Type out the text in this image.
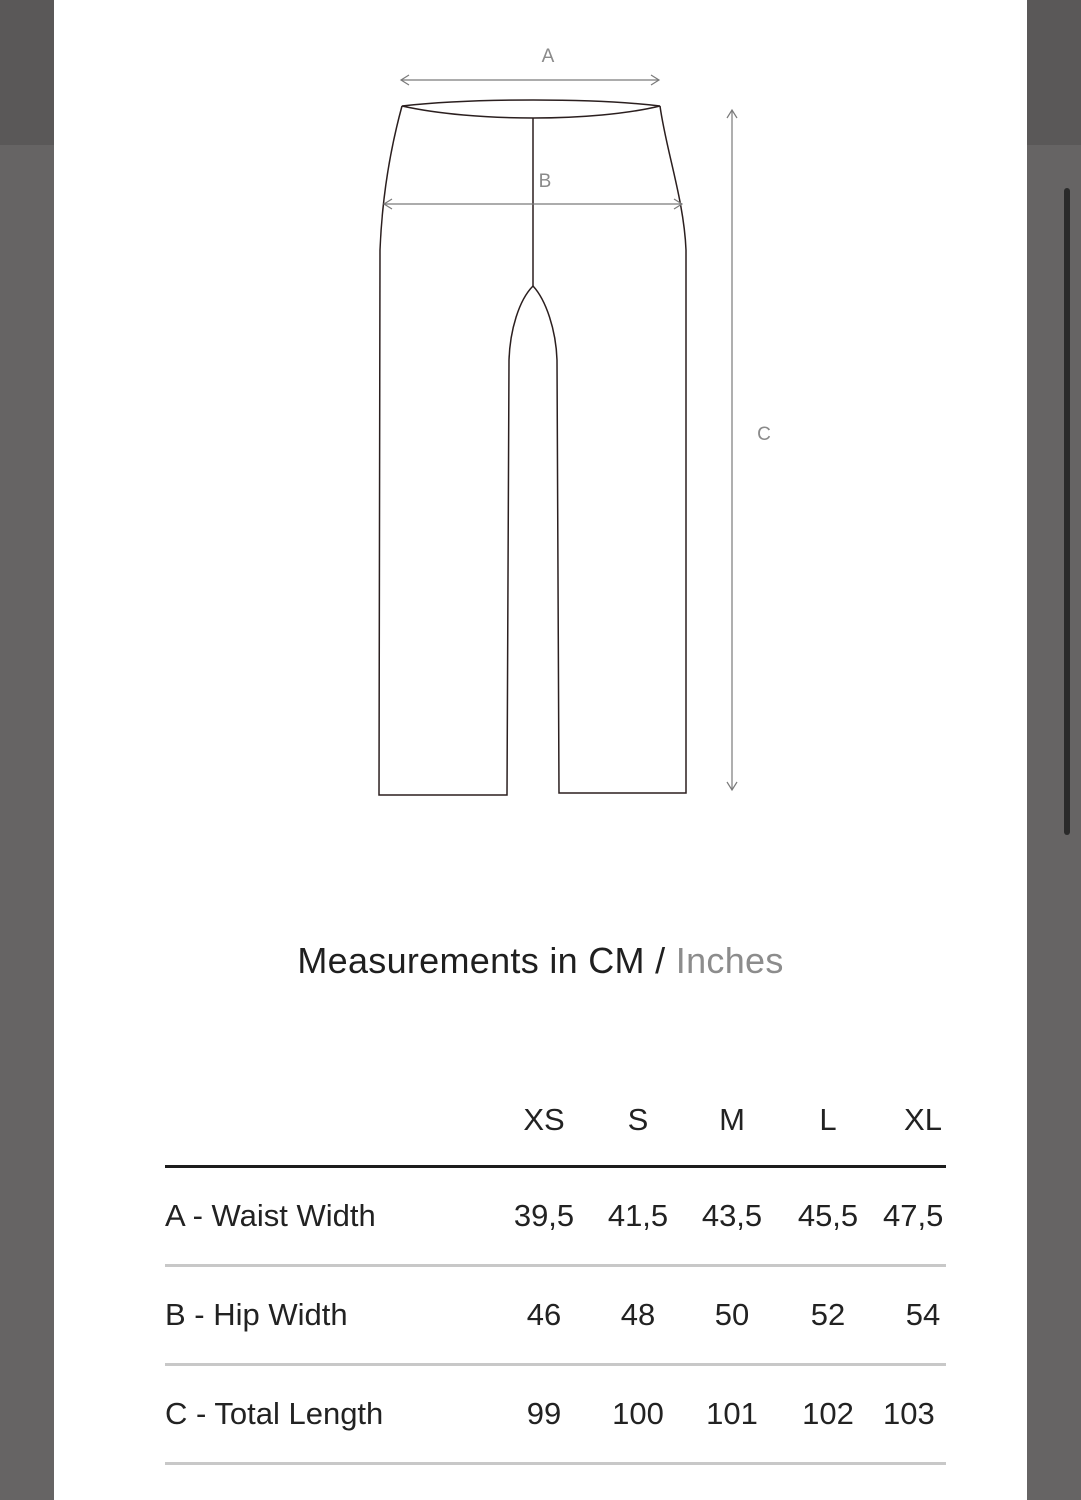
A
B
C
Measurements in CM / Inches
XS	S	M	L	XL
A - Waist Width	39,5	41,5	43,5	45,5 47,5
B - Hip Width	46	48	50	52	54
C - Total Length	99	100	101	102 103
